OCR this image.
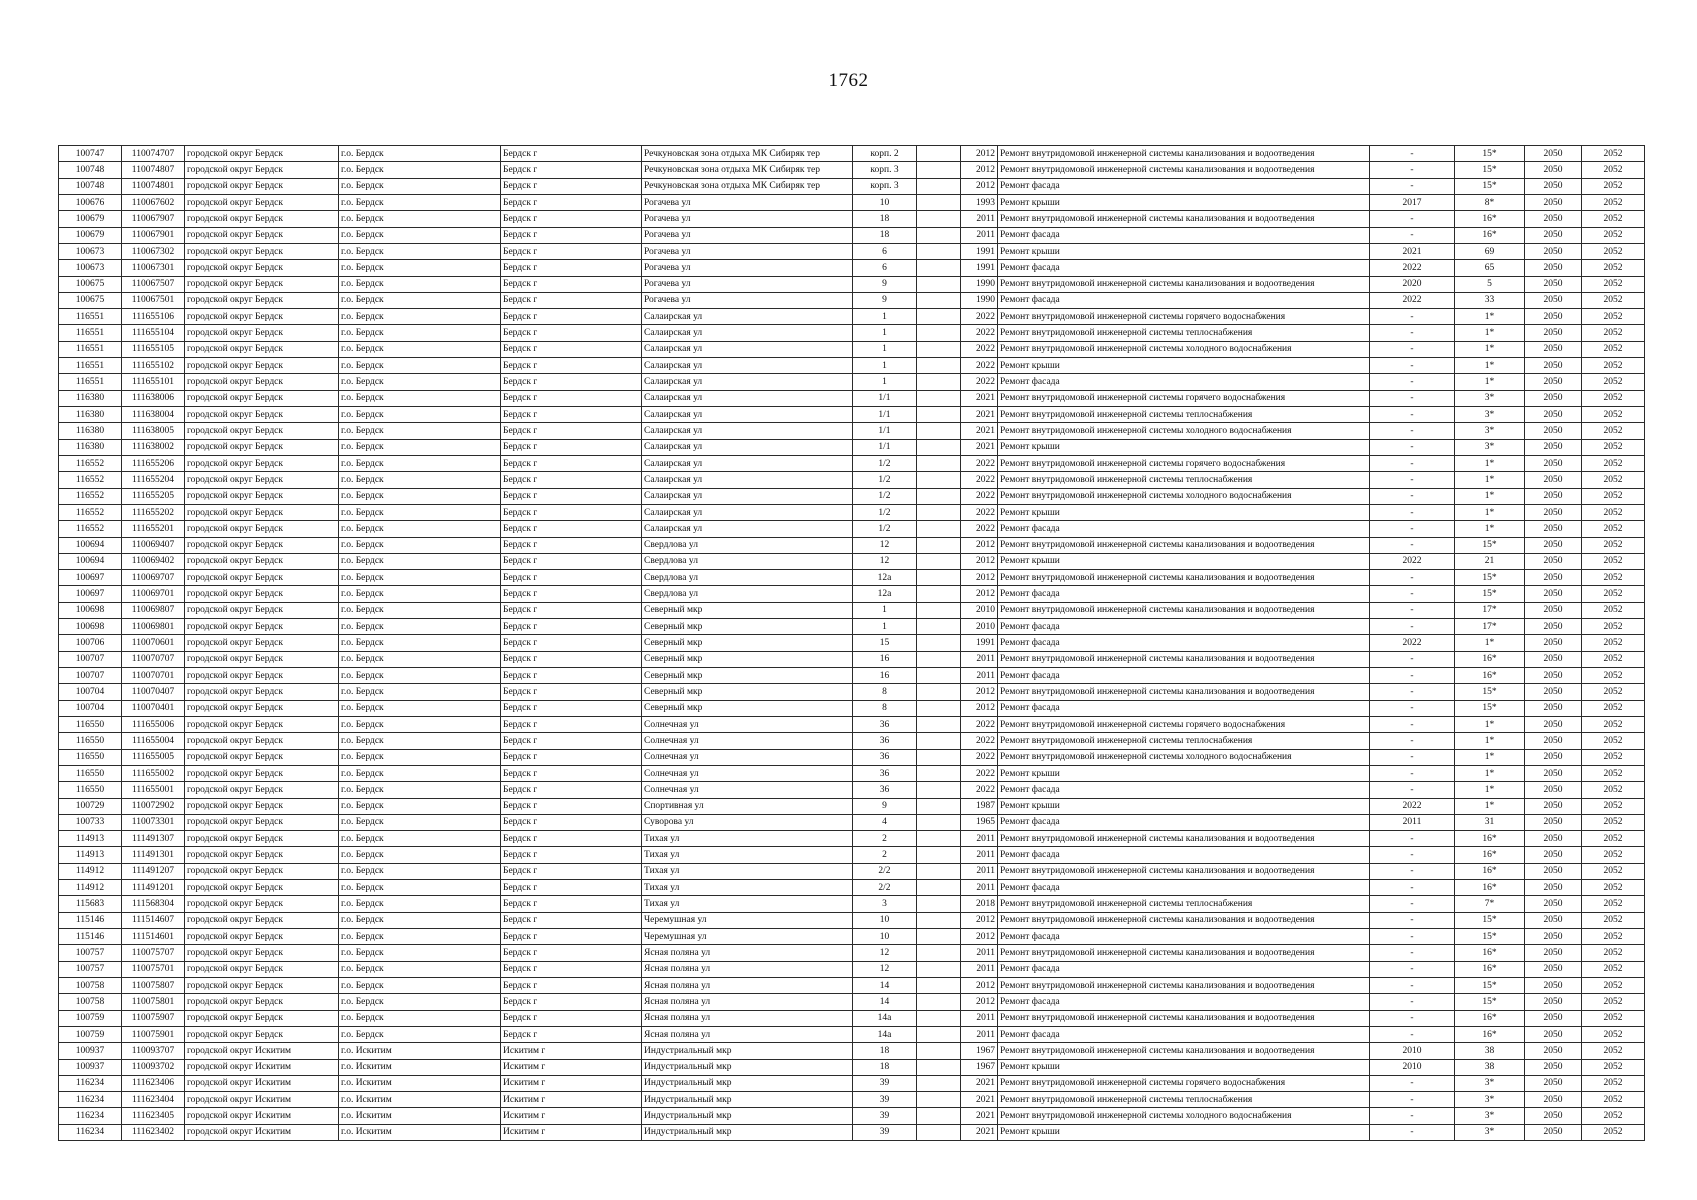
1762
100747	110074707	городской округ Бердск	г.о. Бердск	Бердск г	Речкуновская зона отдыха МК Сибиряк тер	корп. 2		2012	Ремонт внутридомовой инженерной системы канализования и водоотведения	-	15*	2050	2052
100748	110074807	городской округ Бердск	г.о. Бердск	Бердск г	Речкуновская зона отдыха МК Сибиряк тер	корп. 3		2012	Ремонт внутридомовой инженерной системы канализования и водоотведения	-	15*	2050	2052
100748	110074801	городской округ Бердск	г.о. Бердск	Бердск г	Речкуновская зона отдыха МК Сибиряк тер	корп. 3		2012	Ремонт фасада	-	15*	2050	2052
100676	110067602	городской округ Бердск	г.о. Бердск	Бердск г	Рогачева ул	10		1993	Ремонт крыши	2017	8*	2050	2052
100679	110067907	городской округ Бердск	г.о. Бердск	Бердск г	Рогачева ул	18		2011	Ремонт внутридомовой инженерной системы канализования и водоотведения	-	16*	2050	2052
100679	110067901	городской округ Бердск	г.о. Бердск	Бердск г	Рогачева ул	18		2011	Ремонт фасада	-	16*	2050	2052
100673	110067302	городской округ Бердск	г.о. Бердск	Бердск г	Рогачева ул	6		1991	Ремонт крыши	2021	69	2050	2052
100673	110067301	городской округ Бердск	г.о. Бердск	Бердск г	Рогачева ул	6		1991	Ремонт фасада	2022	65	2050	2052
100675	110067507	городской округ Бердск	г.о. Бердск	Бердск г	Рогачева ул	9		1990	Ремонт внутридомовой инженерной системы канализования и водоотведения	2020	5	2050	2052
100675	110067501	городской округ Бердск	г.о. Бердск	Бердск г	Рогачева ул	9		1990	Ремонт фасада	2022	33	2050	2052
116551	111655106	городской округ Бердск	г.о. Бердск	Бердск г	Салаирская ул	1		2022	Ремонт внутридомовой инженерной системы горячего водоснабжения	-	1*	2050	2052
116551	111655104	городской округ Бердск	г.о. Бердск	Бердск г	Салаирская ул	1		2022	Ремонт внутридомовой инженерной системы теплоснабжения	-	1*	2050	2052
116551	111655105	городской округ Бердск	г.о. Бердск	Бердск г	Салаирская ул	1		2022	Ремонт внутридомовой инженерной системы холодного водоснабжения	-	1*	2050	2052
116551	111655102	городской округ Бердск	г.о. Бердск	Бердск г	Салаирская ул	1		2022	Ремонт крыши	-	1*	2050	2052
116551	111655101	городской округ Бердск	г.о. Бердск	Бердск г	Салаирская ул	1		2022	Ремонт фасада	-	1*	2050	2052
116380	111638006	городской округ Бердск	г.о. Бердск	Бердск г	Салаирская ул	1/1		2021	Ремонт внутридомовой инженерной системы горячего водоснабжения	-	3*	2050	2052
116380	111638004	городской округ Бердск	г.о. Бердск	Бердск г	Салаирская ул	1/1		2021	Ремонт внутридомовой инженерной системы теплоснабжения	-	3*	2050	2052
116380	111638005	городской округ Бердск	г.о. Бердск	Бердск г	Салаирская ул	1/1		2021	Ремонт внутридомовой инженерной системы холодного водоснабжения	-	3*	2050	2052
116380	111638002	городской округ Бердск	г.о. Бердск	Бердск г	Салаирская ул	1/1		2021	Ремонт крыши	-	3*	2050	2052
116552	111655206	городской округ Бердск	г.о. Бердск	Бердск г	Салаирская ул	1/2		2022	Ремонт внутридомовой инженерной системы горячего водоснабжения	-	1*	2050	2052
116552	111655204	городской округ Бердск	г.о. Бердск	Бердск г	Салаирская ул	1/2		2022	Ремонт внутридомовой инженерной системы теплоснабжения	-	1*	2050	2052
116552	111655205	городской округ Бердск	г.о. Бердск	Бердск г	Салаирская ул	1/2		2022	Ремонт внутридомовой инженерной системы холодного водоснабжения	-	1*	2050	2052
116552	111655202	городской округ Бердск	г.о. Бердск	Бердск г	Салаирская ул	1/2		2022	Ремонт крыши	-	1*	2050	2052
116552	111655201	городской округ Бердск	г.о. Бердск	Бердск г	Салаирская ул	1/2		2022	Ремонт фасада	-	1*	2050	2052
100694	110069407	городской округ Бердск	г.о. Бердск	Бердск г	Свердлова ул	12		2012	Ремонт внутридомовой инженерной системы канализования и водоотведения	-	15*	2050	2052
100694	110069402	городской округ Бердск	г.о. Бердск	Бердск г	Свердлова ул	12		2012	Ремонт крыши	2022	21	2050	2052
100697	110069707	городской округ Бердск	г.о. Бердск	Бердск г	Свердлова ул	12а		2012	Ремонт внутридомовой инженерной системы канализования и водоотведения	-	15*	2050	2052
100697	110069701	городской округ Бердск	г.о. Бердск	Бердск г	Свердлова ул	12а		2012	Ремонт фасада	-	15*	2050	2052
100698	110069807	городской округ Бердск	г.о. Бердск	Бердск г	Северный мкр	1		2010	Ремонт внутридомовой инженерной системы канализования и водоотведения	-	17*	2050	2052
100698	110069801	городской округ Бердск	г.о. Бердск	Бердск г	Северный мкр	1		2010	Ремонт фасада	-	17*	2050	2052
100706	110070601	городской округ Бердск	г.о. Бердск	Бердск г	Северный мкр	15		1991	Ремонт фасада	2022	1*	2050	2052
100707	110070707	городской округ Бердск	г.о. Бердск	Бердск г	Северный мкр	16		2011	Ремонт внутридомовой инженерной системы канализования и водоотведения	-	16*	2050	2052
100707	110070701	городской округ Бердск	г.о. Бердск	Бердск г	Северный мкр	16		2011	Ремонт фасада	-	16*	2050	2052
100704	110070407	городской округ Бердск	г.о. Бердск	Бердск г	Северный мкр	8		2012	Ремонт внутридомовой инженерной системы канализования и водоотведения	-	15*	2050	2052
100704	110070401	городской округ Бердск	г.о. Бердск	Бердск г	Северный мкр	8		2012	Ремонт фасада	-	15*	2050	2052
116550	111655006	городской округ Бердск	г.о. Бердск	Бердск г	Солнечная ул	36		2022	Ремонт внутридомовой инженерной системы горячего водоснабжения	-	1*	2050	2052
116550	111655004	городской округ Бердск	г.о. Бердск	Бердск г	Солнечная ул	36		2022	Ремонт внутридомовой инженерной системы теплоснабжения	-	1*	2050	2052
116550	111655005	городской округ Бердск	г.о. Бердск	Бердск г	Солнечная ул	36		2022	Ремонт внутридомовой инженерной системы холодного водоснабжения	-	1*	2050	2052
116550	111655002	городской округ Бердск	г.о. Бердск	Бердск г	Солнечная ул	36		2022	Ремонт крыши	-	1*	2050	2052
116550	111655001	городской округ Бердск	г.о. Бердск	Бердск г	Солнечная ул	36		2022	Ремонт фасада	-	1*	2050	2052
100729	110072902	городской округ Бердск	г.о. Бердск	Бердск г	Спортивная ул	9		1987	Ремонт крыши	2022	1*	2050	2052
100733	110073301	городской округ Бердск	г.о. Бердск	Бердск г	Суворова ул	4		1965	Ремонт фасада	2011	31	2050	2052
114913	111491307	городской округ Бердск	г.о. Бердск	Бердск г	Тихая ул	2		2011	Ремонт внутридомовой инженерной системы канализования и водоотведения	-	16*	2050	2052
114913	111491301	городской округ Бердск	г.о. Бердск	Бердск г	Тихая ул	2		2011	Ремонт фасада	-	16*	2050	2052
114912	111491207	городской округ Бердск	г.о. Бердск	Бердск г	Тихая ул	2/2		2011	Ремонт внутридомовой инженерной системы канализования и водоотведения	-	16*	2050	2052
114912	111491201	городской округ Бердск	г.о. Бердск	Бердск г	Тихая ул	2/2		2011	Ремонт фасада	-	16*	2050	2052
115683	111568304	городской округ Бердск	г.о. Бердск	Бердск г	Тихая ул	3		2018	Ремонт внутридомовой инженерной системы теплоснабжения	-	7*	2050	2052
115146	111514607	городской округ Бердск	г.о. Бердск	Бердск г	Черемушная ул	10		2012	Ремонт внутридомовой инженерной системы канализования и водоотведения	-	15*	2050	2052
115146	111514601	городской округ Бердск	г.о. Бердск	Бердск г	Черемушная ул	10		2012	Ремонт фасада	-	15*	2050	2052
100757	110075707	городской округ Бердск	г.о. Бердск	Бердск г	Ясная поляна ул	12		2011	Ремонт внутридомовой инженерной системы канализования и водоотведения	-	16*	2050	2052
100757	110075701	городской округ Бердск	г.о. Бердск	Бердск г	Ясная поляна ул	12		2011	Ремонт фасада	-	16*	2050	2052
100758	110075807	городской округ Бердск	г.о. Бердск	Бердск г	Ясная поляна ул	14		2012	Ремонт внутридомовой инженерной системы канализования и водоотведения	-	15*	2050	2052
100758	110075801	городской округ Бердск	г.о. Бердск	Бердск г	Ясная поляна ул	14		2012	Ремонт фасада	-	15*	2050	2052
100759	110075907	городской округ Бердск	г.о. Бердск	Бердск г	Ясная поляна ул	14а		2011	Ремонт внутридомовой инженерной системы канализования и водоотведения	-	16*	2050	2052
100759	110075901	городской округ Бердск	г.о. Бердск	Бердск г	Ясная поляна ул	14а		2011	Ремонт фасада	-	16*	2050	2052
100937	110093707	городской округ Искитим	г.о. Искитим	Искитим г	Индустриальный мкр	18		1967	Ремонт внутридомовой инженерной системы канализования и водоотведения	2010	38	2050	2052
100937	110093702	городской округ Искитим	г.о. Искитим	Искитим г	Индустриальный мкр	18		1967	Ремонт крыши	2010	38	2050	2052
116234	111623406	городской округ Искитим	г.о. Искитим	Искитим г	Индустриальный мкр	39		2021	Ремонт внутридомовой инженерной системы горячего водоснабжения	-	3*	2050	2052
116234	111623404	городской округ Искитим	г.о. Искитим	Искитим г	Индустриальный мкр	39		2021	Ремонт внутридомовой инженерной системы теплоснабжения	-	3*	2050	2052
116234	111623405	городской округ Искитим	г.о. Искитим	Искитим г	Индустриальный мкр	39		2021	Ремонт внутридомовой инженерной системы холодного водоснабжения	-	3*	2050	2052
116234	111623402	городской округ Искитим	г.о. Искитим	Искитим г	Индустриальный мкр	39		2021	Ремонт крыши	-	3*	2050	2052
